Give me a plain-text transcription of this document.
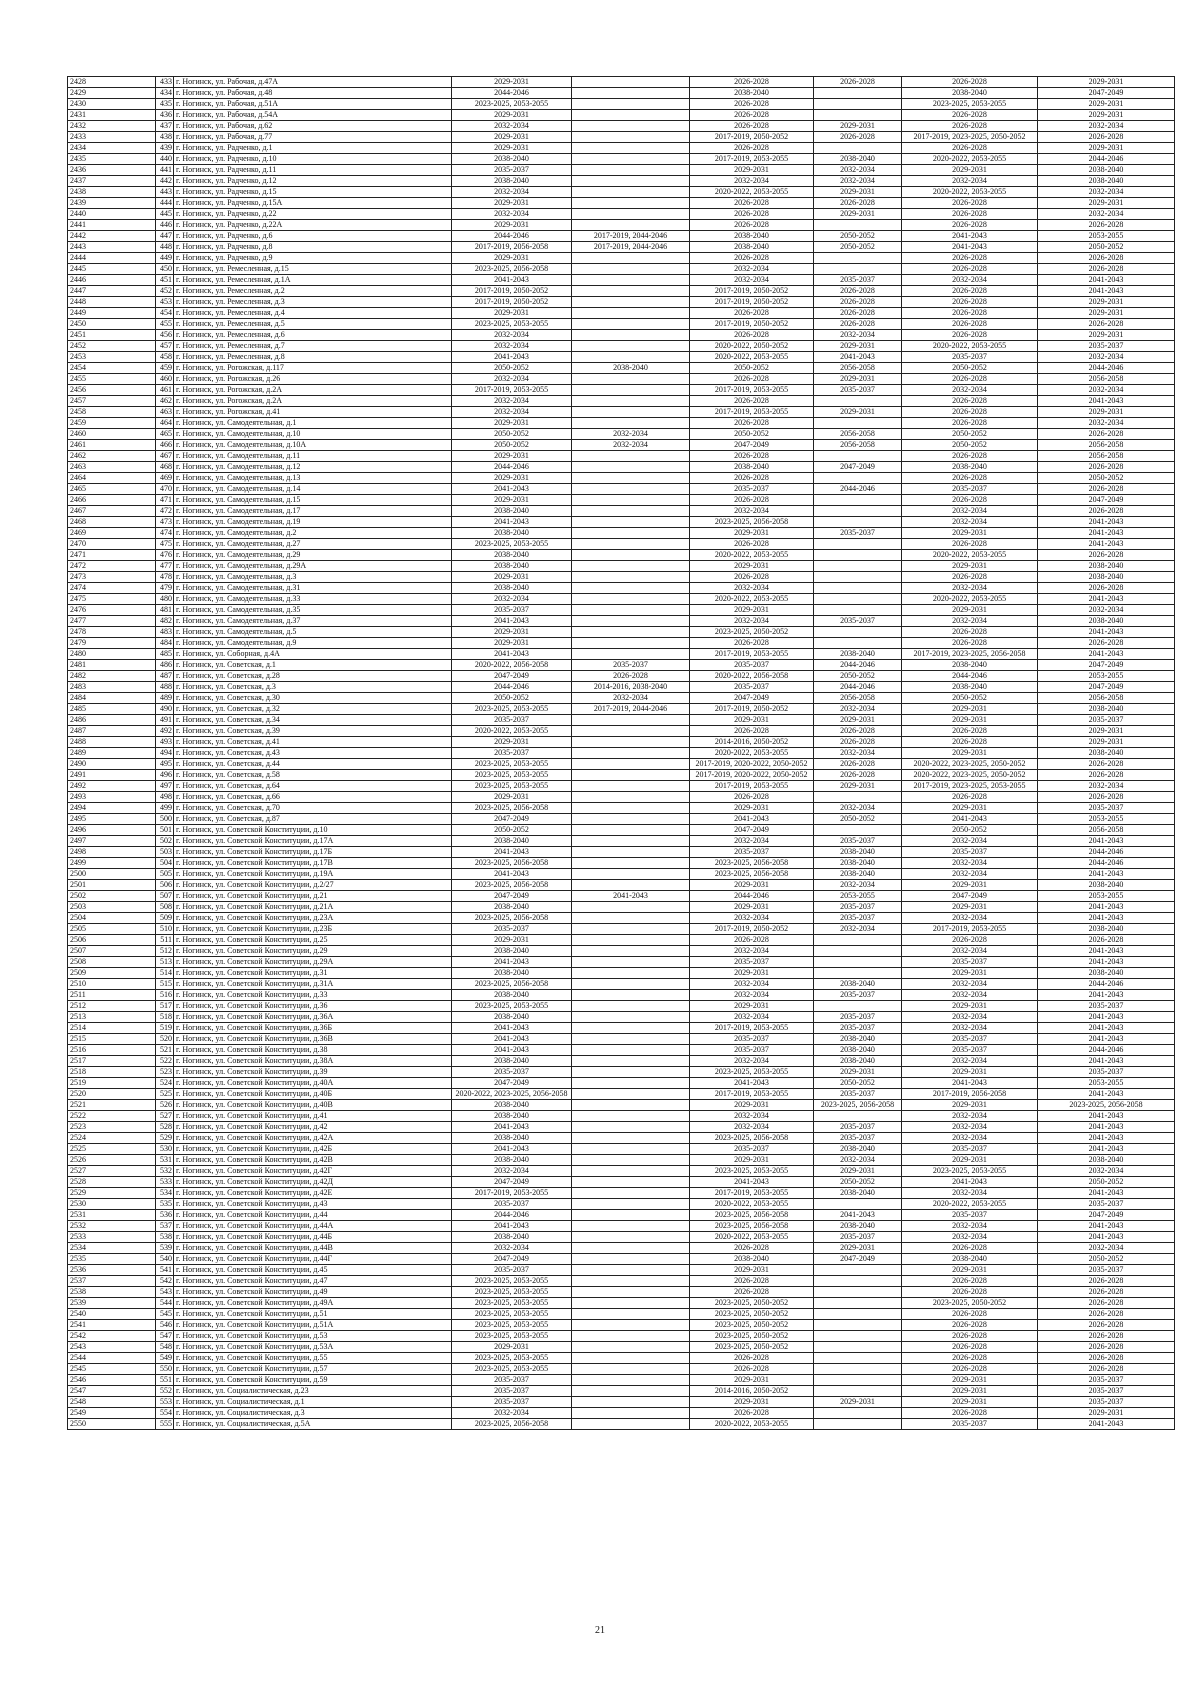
2428	433	г. Ногинск, ул. Рабочая, д.47А	2029-2031		2026-2028	2026-2028	2026-2028	2029-2031
2429	434	г. Ногинск, ул. Рабочая, д.48	2044-2046		2038-2040		2038-2040	2047-2049
2430	435	г. Ногинск, ул. Рабочая, д.51А	2023-2025, 2053-2055		2026-2028		2023-2025, 2053-2055	2029-2031
2431	436	г. Ногинск, ул. Рабочая, д.54А	2029-2031		2026-2028		2026-2028	2029-2031
2432	437	г. Ногинск, ул. Рабочая, д.62	2032-2034		2026-2028	2029-2031	2026-2028	2032-2034
2433	438	г. Ногинск, ул. Рабочая, д.77	2029-2031		2017-2019, 2050-2052	2026-2028	2017-2019, 2023-2025, 2050-2052	2026-2028
2434	439	г. Ногинск, ул. Радченко, д.1	2029-2031		2026-2028		2026-2028	2029-2031
2435	440	г. Ногинск, ул. Радченко, д.10	2038-2040		2017-2019, 2053-2055	2038-2040	2020-2022, 2053-2055	2044-2046
2436	441	г. Ногинск, ул. Радченко, д.11	2035-2037		2029-2031	2032-2034	2029-2031	2038-2040
2437	442	г. Ногинск, ул. Радченко, д.12	2038-2040		2032-2034	2032-2034	2032-2034	2038-2040
2438	443	г. Ногинск, ул. Радченко, д.15	2032-2034		2020-2022, 2053-2055	2029-2031	2020-2022, 2053-2055	2032-2034
2439	444	г. Ногинск, ул. Радченко, д.15А	2029-2031		2026-2028	2026-2028	2026-2028	2029-2031
2440	445	г. Ногинск, ул. Радченко, д.22	2032-2034		2026-2028	2029-2031	2026-2028	2032-2034
2441	446	г. Ногинск, ул. Радченко, д.22А	2029-2031		2026-2028		2026-2028	2026-2028
2442	447	г. Ногинск, ул. Радченко, д.6	2044-2046	2017-2019, 2044-2046	2038-2040	2050-2052	2041-2043	2053-2055
2443	448	г. Ногинск, ул. Радченко, д.8	2017-2019, 2056-2058	2017-2019, 2044-2046	2038-2040	2050-2052	2041-2043	2050-2052
2444	449	г. Ногинск, ул. Радченко, д.9	2029-2031		2026-2028		2026-2028	2026-2028
2445	450	г. Ногинск, ул. Ремесленная, д.15	2023-2025, 2056-2058		2032-2034		2026-2028	2026-2028
2446	451	г. Ногинск, ул. Ремесленная, д.1А	2041-2043		2032-2034	2035-2037	2032-2034	2041-2043
2447	452	г. Ногинск, ул. Ремесленная, д.2	2017-2019, 2050-2052		2017-2019, 2050-2052	2026-2028	2026-2028	2041-2043
2448	453	г. Ногинск, ул. Ремесленная, д.3	2017-2019, 2050-2052		2017-2019, 2050-2052	2026-2028	2026-2028	2029-2031
2449	454	г. Ногинск, ул. Ремесленная, д.4	2029-2031		2026-2028	2026-2028	2026-2028	2029-2031
2450	455	г. Ногинск, ул. Ремесленная, д.5	2023-2025, 2053-2055		2017-2019, 2050-2052	2026-2028	2026-2028	2026-2028
2451	456	г. Ногинск, ул. Ремесленная, д.6	2032-2034		2026-2028	2032-2034	2026-2028	2029-2031
2452	457	г. Ногинск, ул. Ремесленная, д.7	2032-2034		2020-2022, 2050-2052	2029-2031	2020-2022, 2053-2055	2035-2037
2453	458	г. Ногинск, ул. Ремесленная, д.8	2041-2043		2020-2022, 2053-2055	2041-2043	2035-2037	2032-2034
2454	459	г. Ногинск, ул. Рогожская, д.117	2050-2052	2038-2040	2050-2052	2056-2058	2050-2052	2044-2046
2455	460	г. Ногинск, ул. Рогожская, д.26	2032-2034		2026-2028	2029-2031	2026-2028	2056-2058
2456	461	г. Ногинск, ул. Рогожская, д.2А	2017-2019, 2053-2055		2017-2019, 2053-2055	2035-2037	2032-2034	2032-2034
2457	462	г. Ногинск, ул. Рогожская, д.2А	2032-2034		2026-2028		2026-2028	2041-2043
2458	463	г. Ногинск, ул. Рогожская, д.41	2032-2034		2017-2019, 2053-2055	2029-2031	2026-2028	2029-2031
2459	464	г. Ногинск, ул. Самодеятельная, д.1	2029-2031		2026-2028		2026-2028	2032-2034
2460	465	г. Ногинск, ул. Самодеятельная, д.10	2050-2052	2032-2034	2050-2052	2056-2058	2050-2052	2026-2028
2461	466	г. Ногинск, ул. Самодеятельная, д.10А	2050-2052	2032-2034	2047-2049	2056-2058	2050-2052	2056-2058
2462	467	г. Ногинск, ул. Самодеятельная, д.11	2029-2031		2026-2028		2026-2028	2056-2058
2463	468	г. Ногинск, ул. Самодеятельная, д.12	2044-2046		2038-2040	2047-2049	2038-2040	2026-2028
2464	469	г. Ногинск, ул. Самодеятельная, д.13	2029-2031		2026-2028		2026-2028	2050-2052
2465	470	г. Ногинск, ул. Самодеятельная, д.14	2041-2043		2035-2037	2044-2046	2035-2037	2026-2028
2466	471	г. Ногинск, ул. Самодеятельная, д.15	2029-2031		2026-2028		2026-2028	2047-2049
2467	472	г. Ногинск, ул. Самодеятельная, д.17	2038-2040		2032-2034		2032-2034	2026-2028
2468	473	г. Ногинск, ул. Самодеятельная, д.19	2041-2043		2023-2025, 2056-2058		2032-2034	2041-2043
2469	474	г. Ногинск, ул. Самодеятельная, д.2	2038-2040		2029-2031	2035-2037	2029-2031	2041-2043
2470	475	г. Ногинск, ул. Самодеятельная, д.27	2023-2025, 2053-2055		2026-2028		2026-2028	2041-2043
2471	476	г. Ногинск, ул. Самодеятельная, д.29	2038-2040		2020-2022, 2053-2055		2020-2022, 2053-2055	2026-2028
2472	477	г. Ногинск, ул. Самодеятельная, д.29А	2038-2040		2029-2031		2029-2031	2038-2040
2473	478	г. Ногинск, ул. Самодеятельная, д.3	2029-2031		2026-2028		2026-2028	2038-2040
2474	479	г. Ногинск, ул. Самодеятельная, д.31	2038-2040		2032-2034		2032-2034	2026-2028
2475	480	г. Ногинск, ул. Самодеятельная, д.33	2032-2034		2020-2022, 2053-2055		2020-2022, 2053-2055	2041-2043
2476	481	г. Ногинск, ул. Самодеятельная, д.35	2035-2037		2029-2031		2029-2031	2032-2034
2477	482	г. Ногинск, ул. Самодеятельная, д.37	2041-2043		2032-2034	2035-2037	2032-2034	2038-2040
2478	483	г. Ногинск, ул. Самодеятельная, д.5	2029-2031		2023-2025, 2050-2052		2026-2028	2041-2043
2479	484	г. Ногинск, ул. Самодеятельная, д.9	2029-2031		2026-2028		2026-2028	2026-2028
2480	485	г. Ногинск, ул. Соборная, д.4А	2041-2043		2017-2019, 2053-2055	2038-2040	2017-2019, 2023-2025, 2056-2058	2041-2043
2481	486	г. Ногинск, ул. Советская, д.1	2020-2022, 2056-2058	2035-2037	2035-2037	2044-2046	2038-2040	2047-2049
2482	487	г. Ногинск, ул. Советская, д.28	2047-2049	2026-2028	2020-2022, 2056-2058	2050-2052	2044-2046	2053-2055
2483	488	г. Ногинск, ул. Советская, д.3	2044-2046	2014-2016, 2038-2040	2035-2037	2044-2046	2038-2040	2047-2049
2484	489	г. Ногинск, ул. Советская, д.30	2050-2052	2032-2034	2047-2049	2056-2058	2050-2052	2056-2058
2485	490	г. Ногинск, ул. Советская, д.32	2023-2025, 2053-2055	2017-2019, 2044-2046	2017-2019, 2050-2052	2032-2034	2029-2031	2038-2040
2486	491	г. Ногинск, ул. Советская, д.34	2035-2037		2029-2031	2029-2031	2029-2031	2035-2037
2487	492	г. Ногинск, ул. Советская, д.39	2020-2022, 2053-2055		2026-2028	2026-2028	2026-2028	2029-2031
2488	493	г. Ногинск, ул. Советская, д.41	2029-2031		2014-2016, 2050-2052	2026-2028	2026-2028	2029-2031
2489	494	г. Ногинск, ул. Советская, д.43	2035-2037		2020-2022, 2053-2055	2032-2034	2029-2031	2038-2040
2490	495	г. Ногинск, ул. Советская, д.44	2023-2025, 2053-2055		2017-2019, 2020-2022, 2050-2052	2026-2028	2020-2022, 2023-2025, 2050-2052	2026-2028
2491	496	г. Ногинск, ул. Советская, д.58	2023-2025, 2053-2055		2017-2019, 2020-2022, 2050-2052	2026-2028	2020-2022, 2023-2025, 2050-2052	2026-2028
2492	497	г. Ногинск, ул. Советская, д.64	2023-2025, 2053-2055		2017-2019, 2053-2055	2029-2031	2017-2019, 2023-2025, 2053-2055	2032-2034
2493	498	г. Ногинск, ул. Советская, д.66	2029-2031		2026-2028		2026-2028	2026-2028
2494	499	г. Ногинск, ул. Советская, д.70	2023-2025, 2056-2058		2029-2031	2032-2034	2029-2031	2035-2037
2495	500	г. Ногинск, ул. Советская, д.87	2047-2049		2041-2043	2050-2052	2041-2043	2053-2055
2496	501	г. Ногинск, ул. Советской Конституции, д.10	2050-2052		2047-2049		2050-2052	2056-2058
2497	502	г. Ногинск, ул. Советской Конституции, д.17А	2038-2040		2032-2034	2035-2037	2032-2034	2041-2043
2498	503	г. Ногинск, ул. Советской Конституции, д.17Б	2041-2043		2035-2037	2038-2040	2035-2037	2044-2046
2499	504	г. Ногинск, ул. Советской Конституции, д.17В	2023-2025, 2056-2058		2023-2025, 2056-2058	2038-2040	2032-2034	2044-2046
2500	505	г. Ногинск, ул. Советской Конституции, д.19А	2041-2043		2023-2025, 2056-2058	2038-2040	2032-2034	2041-2043
2501	506	г. Ногинск, ул. Советской Конституции, д.2/27	2023-2025, 2056-2058		2029-2031	2032-2034	2029-2031	2038-2040
2502	507	г. Ногинск, ул. Советской Конституции, д.21	2047-2049	2041-2043	2044-2046	2053-2055	2047-2049	2053-2055
2503	508	г. Ногинск, ул. Советской Конституции, д.21А	2038-2040		2029-2031	2035-2037	2029-2031	2041-2043
2504	509	г. Ногинск, ул. Советской Конституции, д.23А	2023-2025, 2056-2058		2032-2034	2035-2037	2032-2034	2041-2043
2505	510	г. Ногинск, ул. Советской Конституции, д.23Б	2035-2037		2017-2019, 2050-2052	2032-2034	2017-2019, 2053-2055	2038-2040
2506	511	г. Ногинск, ул. Советской Конституции, д.25	2029-2031		2026-2028		2026-2028	2026-2028
2507	512	г. Ногинск, ул. Советской Конституции, д.29	2038-2040		2032-2034		2032-2034	2041-2043
2508	513	г. Ногинск, ул. Советской Конституции, д.29А	2041-2043		2035-2037		2035-2037	2041-2043
2509	514	г. Ногинск, ул. Советской Конституции, д.31	2038-2040		2029-2031		2029-2031	2038-2040
2510	515	г. Ногинск, ул. Советской Конституции, д.31А	2023-2025, 2056-2058		2032-2034	2038-2040	2032-2034	2044-2046
2511	516	г. Ногинск, ул. Советской Конституции, д.33	2038-2040		2032-2034	2035-2037	2032-2034	2041-2043
2512	517	г. Ногинск, ул. Советской Конституции, д.36	2023-2025, 2053-2055		2029-2031		2029-2031	2035-2037
2513	518	г. Ногинск, ул. Советской Конституции, д.36А	2038-2040		2032-2034	2035-2037	2032-2034	2041-2043
2514	519	г. Ногинск, ул. Советской Конституции, д.36Б	2041-2043		2017-2019, 2053-2055	2035-2037	2032-2034	2041-2043
2515	520	г. Ногинск, ул. Советской Конституции, д.36В	2041-2043		2035-2037	2038-2040	2035-2037	2041-2043
2516	521	г. Ногинск, ул. Советской Конституции, д.38	2041-2043		2035-2037	2038-2040	2035-2037	2044-2046
2517	522	г. Ногинск, ул. Советской Конституции, д.38А	2038-2040		2032-2034	2038-2040	2032-2034	2041-2043
2518	523	г. Ногинск, ул. Советской Конституции, д.39	2035-2037		2023-2025, 2053-2055	2029-2031	2029-2031	2035-2037
2519	524	г. Ногинск, ул. Советской Конституции, д.40А	2047-2049		2041-2043	2050-2052	2041-2043	2053-2055
2520	525	г. Ногинск, ул. Советской Конституции, д.40Б	2020-2022, 2023-2025, 2056-2058		2017-2019, 2053-2055	2035-2037	2017-2019, 2056-2058	2041-2043
2521	526	г. Ногинск, ул. Советской Конституции, д.40В	2038-2040		2029-2031	2023-2025, 2056-2058	2029-2031	2023-2025, 2056-2058
2522	527	г. Ногинск, ул. Советской Конституции, д.41	2038-2040		2032-2034		2032-2034	2041-2043
2523	528	г. Ногинск, ул. Советской Конституции, д.42	2041-2043		2032-2034	2035-2037	2032-2034	2041-2043
2524	529	г. Ногинск, ул. Советской Конституции, д.42А	2038-2040		2023-2025, 2056-2058	2035-2037	2032-2034	2041-2043
2525	530	г. Ногинск, ул. Советской Конституции, д.42Б	2041-2043		2035-2037	2038-2040	2035-2037	2041-2043
2526	531	г. Ногинск, ул. Советской Конституции, д.42В	2038-2040		2029-2031	2032-2034	2029-2031	2038-2040
2527	532	г. Ногинск, ул. Советской Конституции, д.42Г	2032-2034		2023-2025, 2053-2055	2029-2031	2023-2025, 2053-2055	2032-2034
2528	533	г. Ногинск, ул. Советской Конституции, д.42Д	2047-2049		2041-2043	2050-2052	2041-2043	2050-2052
2529	534	г. Ногинск, ул. Советской Конституции, д.42Е	2017-2019, 2053-2055		2017-2019, 2053-2055	2038-2040	2032-2034	2041-2043
2530	535	г. Ногинск, ул. Советской Конституции, д.43	2035-2037		2020-2022, 2053-2055		2020-2022, 2053-2055	2035-2037
2531	536	г. Ногинск, ул. Советской Конституции, д.44	2044-2046		2023-2025, 2056-2058	2041-2043	2035-2037	2047-2049
2532	537	г. Ногинск, ул. Советской Конституции, д.44А	2041-2043		2023-2025, 2056-2058	2038-2040	2032-2034	2041-2043
2533	538	г. Ногинск, ул. Советской Конституции, д.44Б	2038-2040		2020-2022, 2053-2055	2035-2037	2032-2034	2041-2043
2534	539	г. Ногинск, ул. Советской Конституции, д.44В	2032-2034		2026-2028	2029-2031	2026-2028	2032-2034
2535	540	г. Ногинск, ул. Советской Конституции, д.44Г	2047-2049		2038-2040	2047-2049	2038-2040	2050-2052
2536	541	г. Ногинск, ул. Советской Конституции, д.45	2035-2037		2029-2031		2029-2031	2035-2037
2537	542	г. Ногинск, ул. Советской Конституции, д.47	2023-2025, 2053-2055		2026-2028		2026-2028	2026-2028
2538	543	г. Ногинск, ул. Советской Конституции, д.49	2023-2025, 2053-2055		2026-2028		2026-2028	2026-2028
2539	544	г. Ногинск, ул. Советской Конституции, д.49А	2023-2025, 2053-2055		2023-2025, 2050-2052		2023-2025, 2050-2052	2026-2028
2540	545	г. Ногинск, ул. Советской Конституции, д.51	2023-2025, 2053-2055		2023-2025, 2050-2052		2026-2028	2026-2028
2541	546	г. Ногинск, ул. Советской Конституции, д.51А	2023-2025, 2053-2055		2023-2025, 2050-2052		2026-2028	2026-2028
2542	547	г. Ногинск, ул. Советской Конституции, д.53	2023-2025, 2053-2055		2023-2025, 2050-2052		2026-2028	2026-2028
2543	548	г. Ногинск, ул. Советской Конституции, д.53А	2029-2031		2023-2025, 2050-2052		2026-2028	2026-2028
2544	549	г. Ногинск, ул. Советской Конституции, д.55	2023-2025, 2053-2055		2026-2028		2026-2028	2026-2028
2545	550	г. Ногинск, ул. Советской Конституции, д.57	2023-2025, 2053-2055		2026-2028		2026-2028	2026-2028
2546	551	г. Ногинск, ул. Советской Конституции, д.59	2035-2037		2029-2031		2029-2031	2035-2037
2547	552	г. Ногинск, ул. Социалистическая, д.23	2035-2037		2014-2016, 2050-2052		2029-2031	2035-2037
2548	553	г. Ногинск, ул. Социалистическая, д.1	2035-2037		2029-2031	2029-2031	2029-2031	2035-2037
2549	554	г. Ногинск, ул. Социалистическая, д.3	2032-2034		2026-2028		2026-2028	2029-2031
2550	555	г. Ногинск, ул. Социалистическая, д.5А	2023-2025, 2056-2058		2020-2022, 2053-2055		2035-2037	2041-2043
21
